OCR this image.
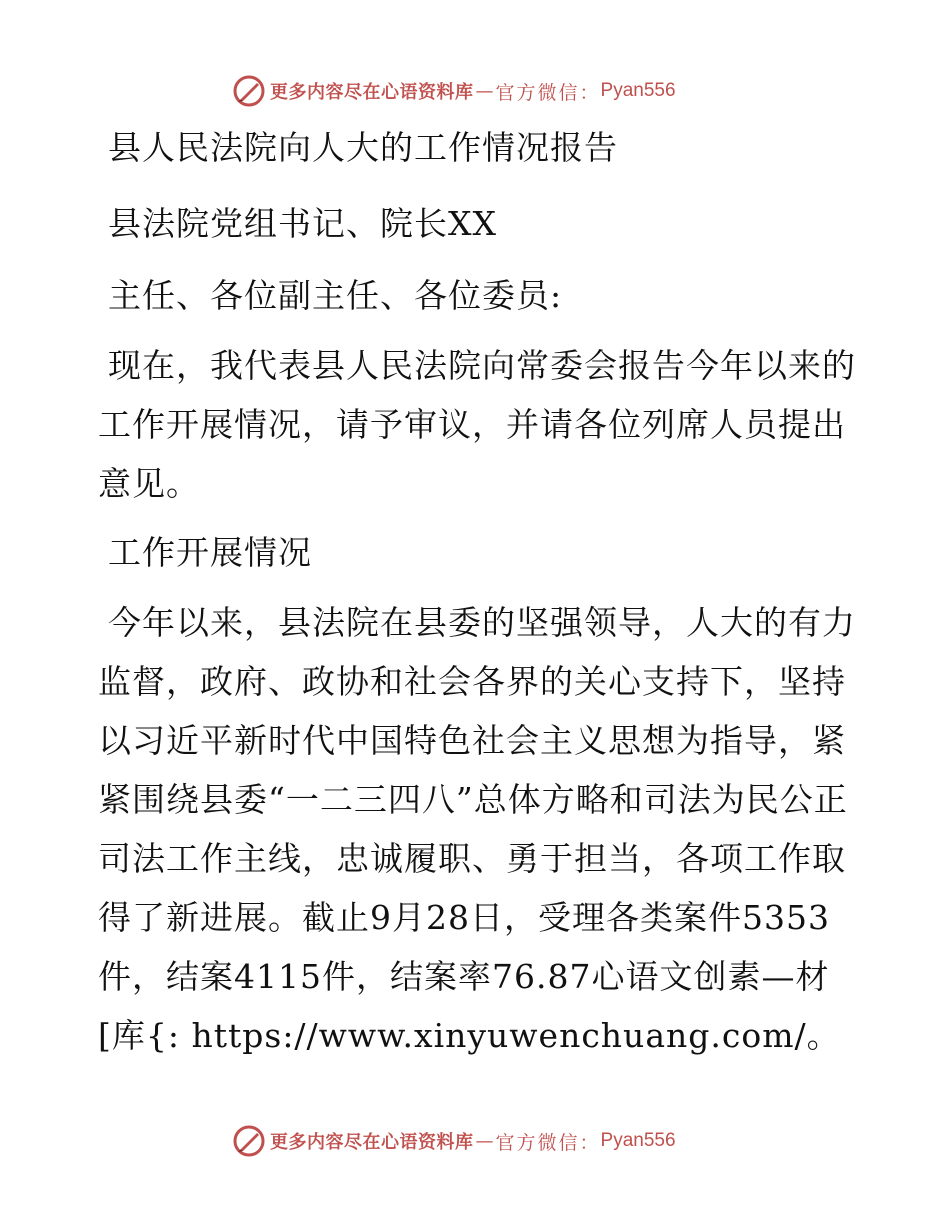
更多内容尽在心语资料库 — 官方微信： Pyan556
县人民法院向人大的工作情况报告
县法院党组书记、院长XX
主任、各位副主任、各位委员:

现在，我代表县人民法院向常委会报告今年以来的工作开展情况，请予审议，并请各位列席人员提出意见。

工作开展情况

今年以来，县法院在县委的坚强领导，人大的有力监督，政府、政协和社会各界的关心支持下，坚持以习近平新时代中国特色社会主义思想为指导，紧紧围绕县委“一二三四八”总体方略和司法为民公正司法工作主线，忠诚履职、勇于担当，各项工作取得了新进展。截止9月28日，受理各类案件5353件，结案4115件，结案率76.87心语文创素—材[库{: https://www.xinyuwenchuang.com/。

更多内容尽在心语资料库 — 官方微信： Pyan556
